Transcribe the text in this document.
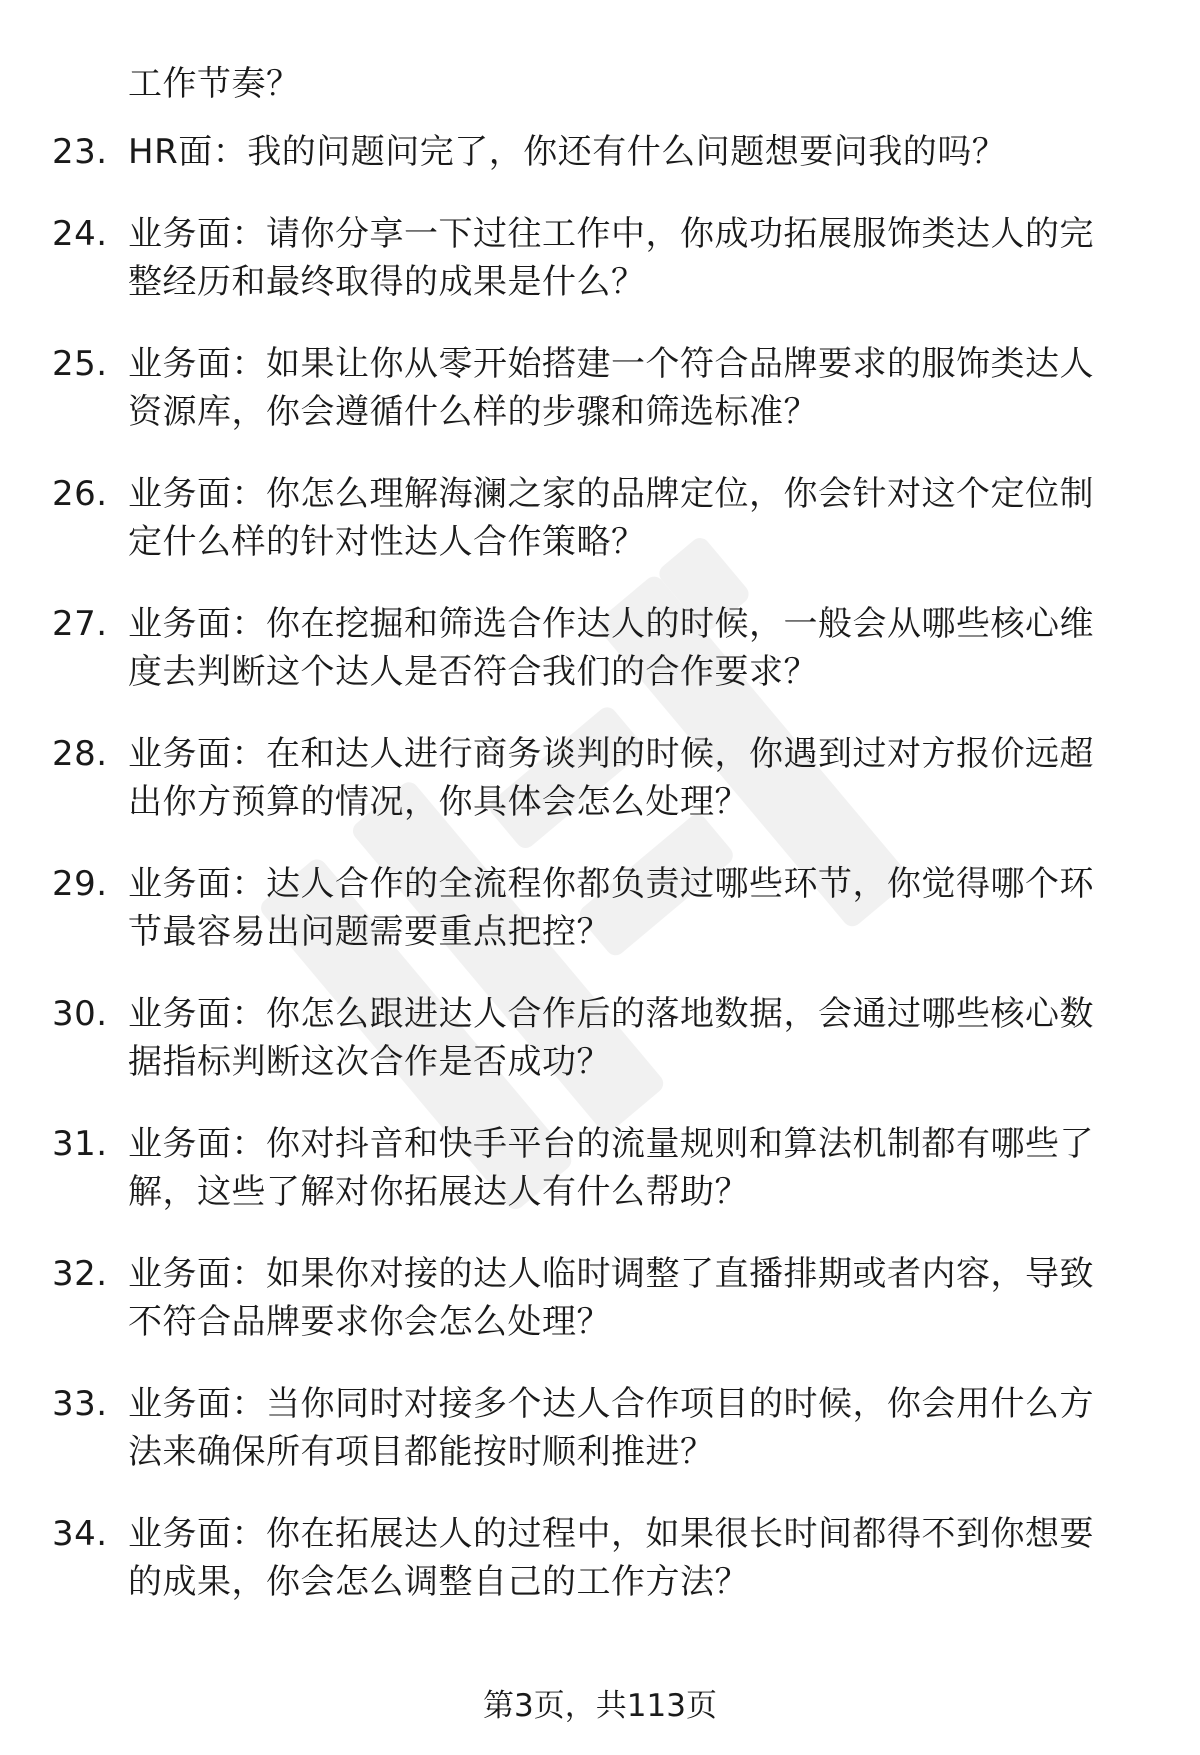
工作节奏？
23. HR面：我的问题问完了，你还有什么问题想要问我的吗？
24. 业务面：请你分享一下过往工作中，你成功拓展服饰类达人的完
整经历和最终取得的成果是什么？
25. 业务面：如果让你从零开始搭建一个符合品牌要求的服饰类达人
资源库，你会遵循什么样的步骤和筛选标准？
26. 业务面：你怎么理解海澜之家的品牌定位，你会针对这个定位制
定什么样的针对性达人合作策略？
27. 业务面：你在挖掘和筛选合作达人的时候，一般会从哪些核心维
度去判断这个达人是否符合我们的合作要求？
28. 业务面：在和达人进行商务谈判的时候，你遇到过对方报价远超
出你方预算的情况，你具体会怎么处理？
29. 业务面：达人合作的全流程你都负责过哪些环节，你觉得哪个环
节最容易出问题需要重点把控？
30. 业务面：你怎么跟进达人合作后的落地数据，会通过哪些核心数
据指标判断这次合作是否成功？
31. 业务面：你对抖音和快手平台的流量规则和算法机制都有哪些了
解，这些了解对你拓展达人有什么帮助？
32. 业务面：如果你对接的达人临时调整了直播排期或者内容，导致
不符合品牌要求你会怎么处理？
33. 业务面：当你同时对接多个达人合作项目的时候，你会用什么方
法来确保所有项目都能按时顺利推进？
34. 业务面：你在拓展达人的过程中，如果很长时间都得不到你想要
的成果，你会怎么调整自己的工作方法？
第3页，共113页
